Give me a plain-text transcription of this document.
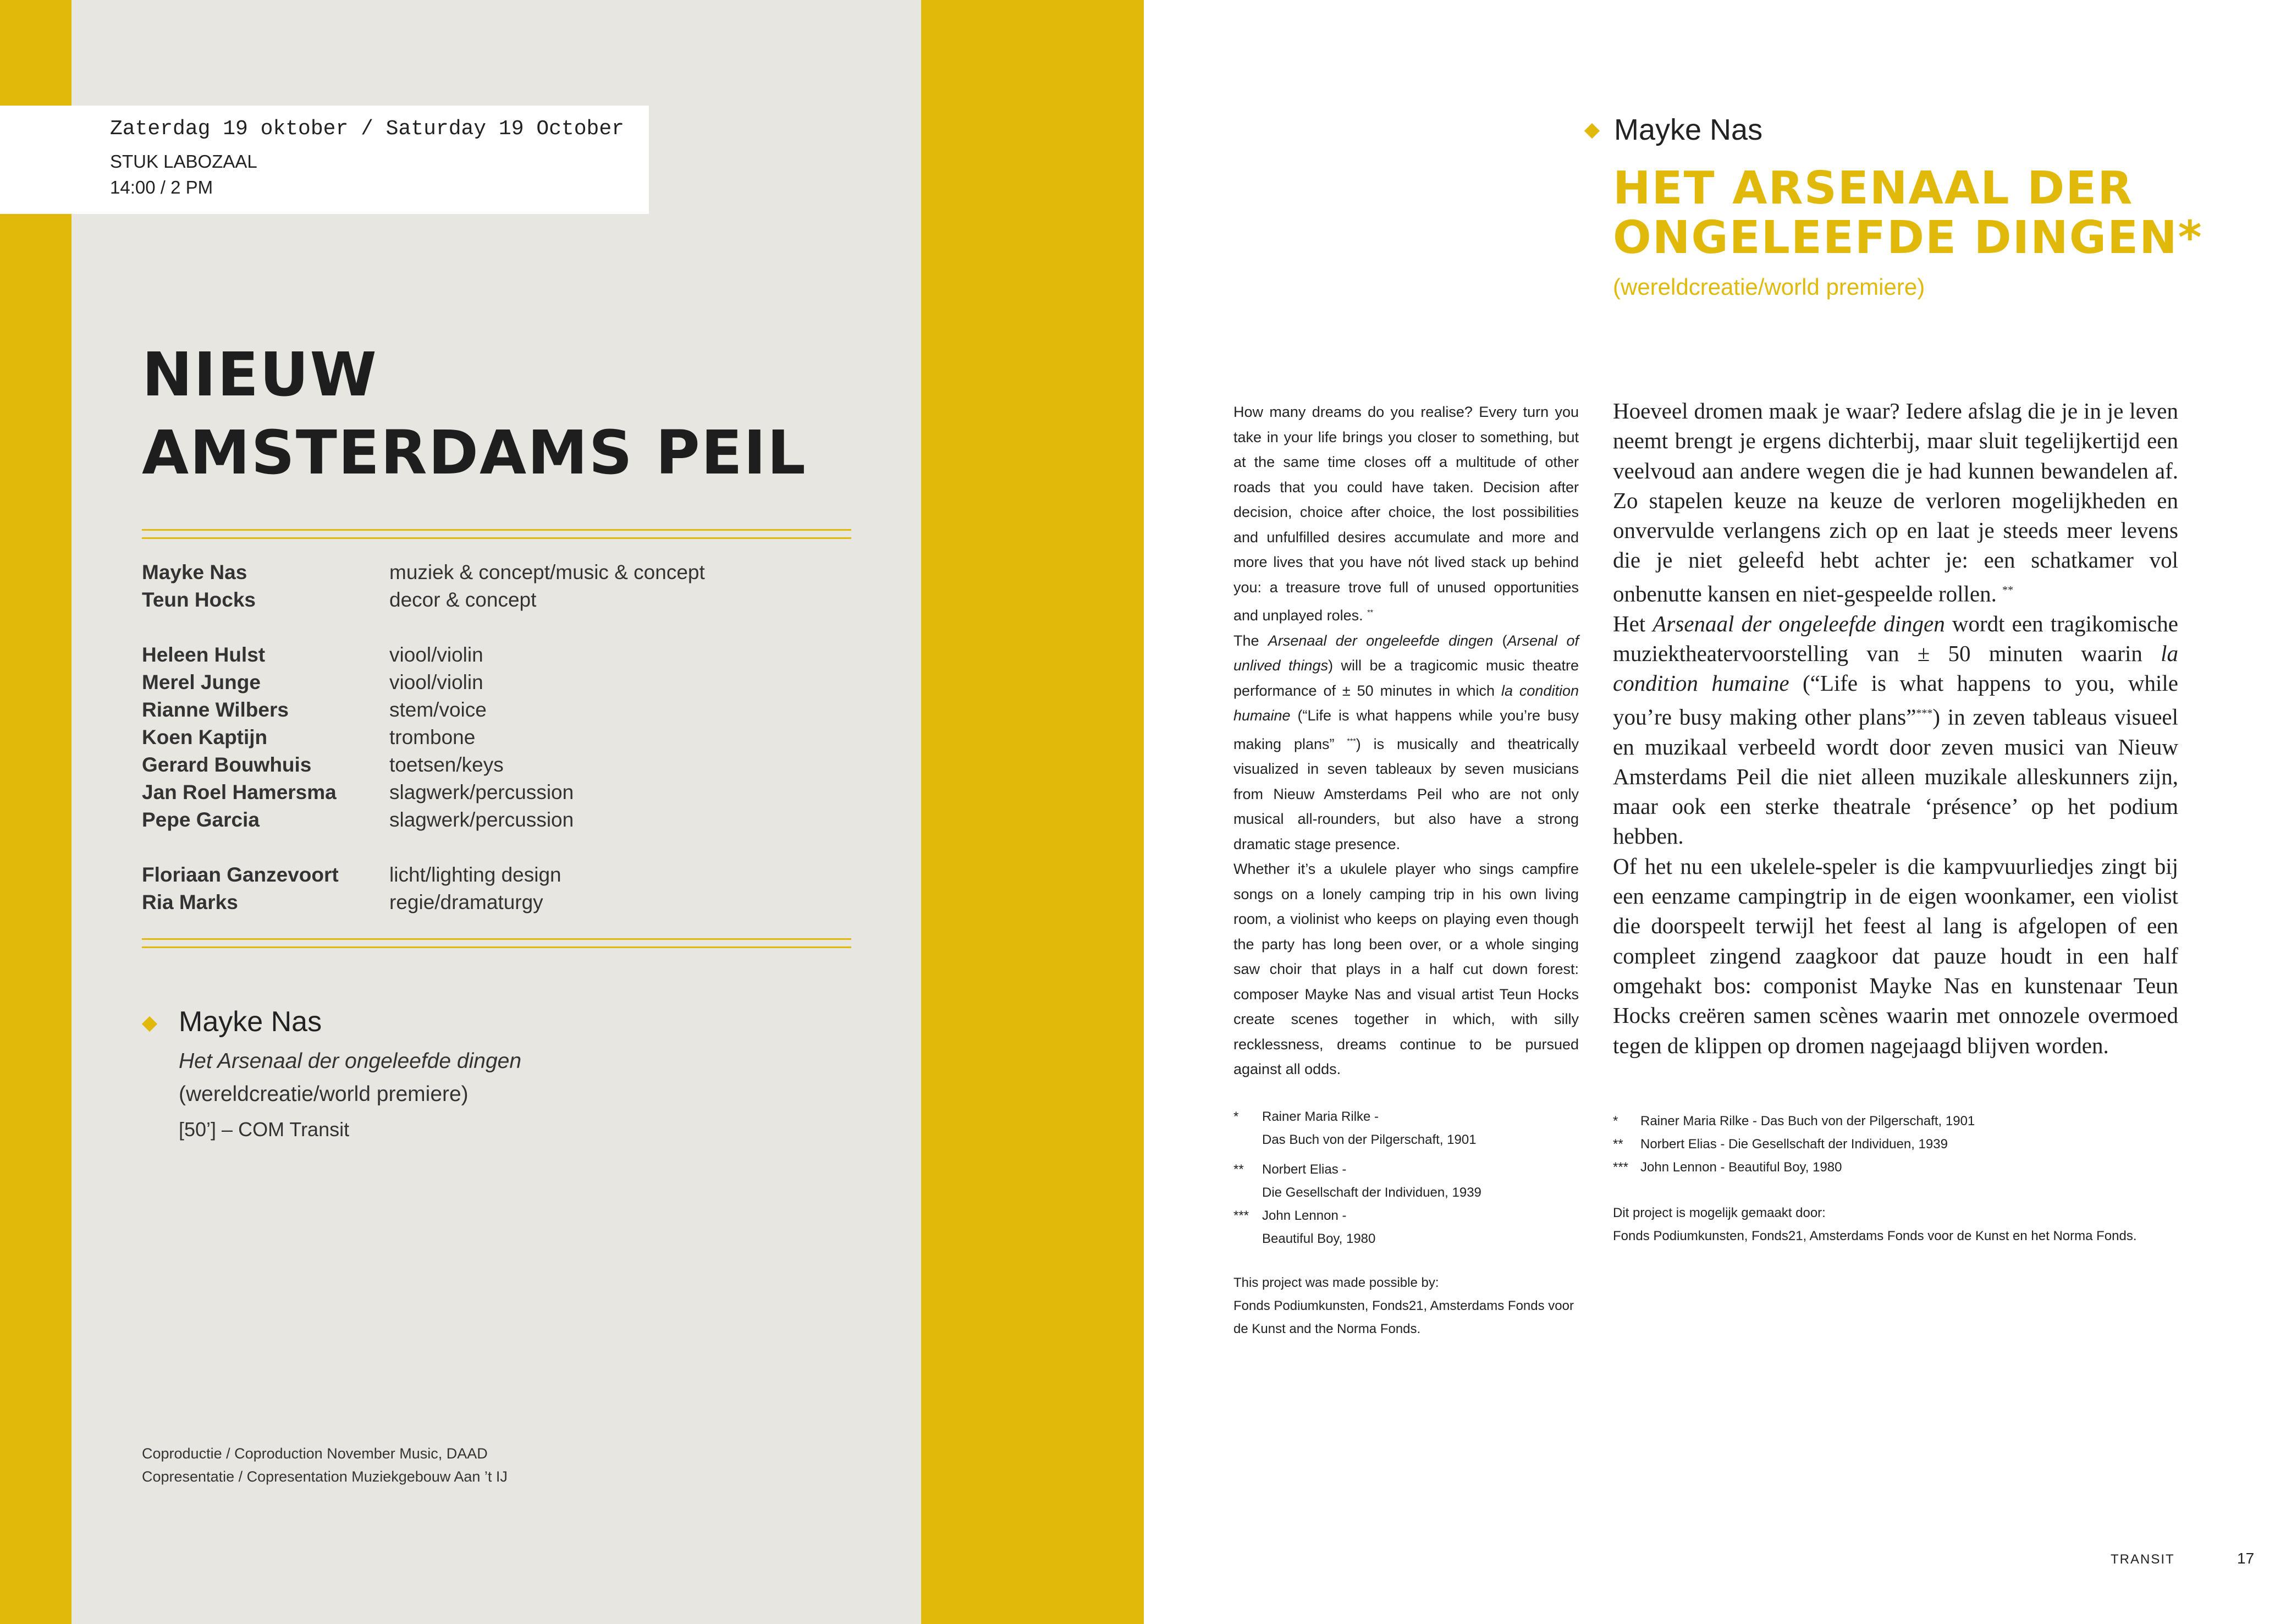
Zaterdag 19 oktober / Saturday 19 October
STUK LABOZAAL
14:00 / 2 PM
NIEUW
AMSTERDAMS PEIL
Mayke Nas	muziek & concept/music & concept
Teun Hocks	decor & concept
Heleen Hulst	viool/violin
Merel Junge	viool/violin
Rianne Wilbers	stem/voice
Koen Kaptijn	trombone
Gerard Bouwhuis	toetsen/keys
Jan Roel Hamersma	slagwerk/percussion
Pepe Garcia	slagwerk/percussion
Floriaan Ganzevoort licht/lighting design
Ria Marks	regie/dramaturgy
Mayke Nas
Het Arsenaal der ongeleefde dingen
(wereldcreatie/world premiere)
[50’] – COM Transit
Coproductie / Coproduction November Music, DAAD
Copresentatie / Copresentation Muziekgebouw Aan ’t IJ
Mayke Nas
HET ARSENAAL DER
ONGELEEFDE DINGEN*
(wereldcreatie/world premiere)

How many dreams do you realise? Every turn you take in your life brings you closer to something, but at the same time closes off a multitude of other roads that you could have taken. Decision after decision, choice after choice, the lost possibilities and unfulfilled desires accumulate and more and more lives that you have nót lived stack up behind you: a treasure trove full of unused opportunities and unplayed roles. **

The Arsenaal der ongeleefde dingen (Arsenal of unlived things) will be a tragicomic music theatre performance of ± 50 minutes in which la condition humaine (“Life is what happens while you’re busy making plans” ***) is musically and theatrically visualized in seven tableaux by seven musicians from Nieuw Amsterdams Peil who are not only musical all-rounders, but also have a strong dramatic stage presence.

Whether it’s a ukulele player who sings campfire songs on a lonely camping trip in his own living room, a violinist who keeps on playing even though the party has long been over, or a whole singing saw choir that plays in a half cut down forest: composer Mayke Nas and visual artist Teun Hocks create scenes together in which, with silly recklessness, dreams continue to be pursued against all odds.

* Rainer Maria Rilke -
Das Buch von der Pilgerschaft, 1901
** Norbert Elias -
Die Gesellschaft der Individuen, 1939
*** John Lennon -
Beautiful Boy, 1980
This project was made possible by:
Fonds Podiumkunsten, Fonds21, Amsterdams Fonds voor
de Kunst and the Norma Fonds.

Hoeveel dromen maak je waar? Iedere afslag die je in je leven neemt brengt je ergens dichterbij, maar sluit tegelijkertijd een veelvoud aan andere wegen die je had kunnen bewandelen af. Zo stapelen keuze na keuze de verloren mogelijkheden en onvervulde verlangens zich op en laat je steeds meer levens die je niet geleefd hebt achter je: een schatkamer vol onbenutte kansen en niet-gespeelde rollen. **

Het Arsenaal der ongeleefde dingen wordt een tragikomische muziektheatervoorstelling van ± 50 minuten waarin la condition humaine (“Life is what happens to you, while you’re busy making other plans”***) in zeven tableaus visueel en muzikaal verbeeld wordt door zeven musici van Nieuw Amsterdams Peil die niet alleen muzikale alleskunners zijn, maar ook een sterke theatrale ‘présence’ op het podium hebben.

Of het nu een ukelele-speler is die kampvuurliedjes zingt bij een eenzame campingtrip in de eigen woonkamer, een violist die doorspeelt terwijl het feest al lang is afgelopen of een compleet zingend zaagkoor dat pauze houdt in een half omgehakt bos: componist Mayke Nas en kunstenaar Teun Hocks creëren samen scènes waarin met onnozele overmoed tegen de klippen op dromen nagejaagd blijven worden.

*	Rainer Maria Rilke - Das Buch von der Pilgerschaft, 1901
**	Norbert Elias - Die Gesellschaft der Individuen, 1939
*** John Lennon - Beautiful Boy, 1980
Dit project is mogelijk gemaakt door:
Fonds Podiumkunsten, Fonds21, Amsterdams Fonds voor de Kunst en het Norma Fonds.
TRANSIT	17
